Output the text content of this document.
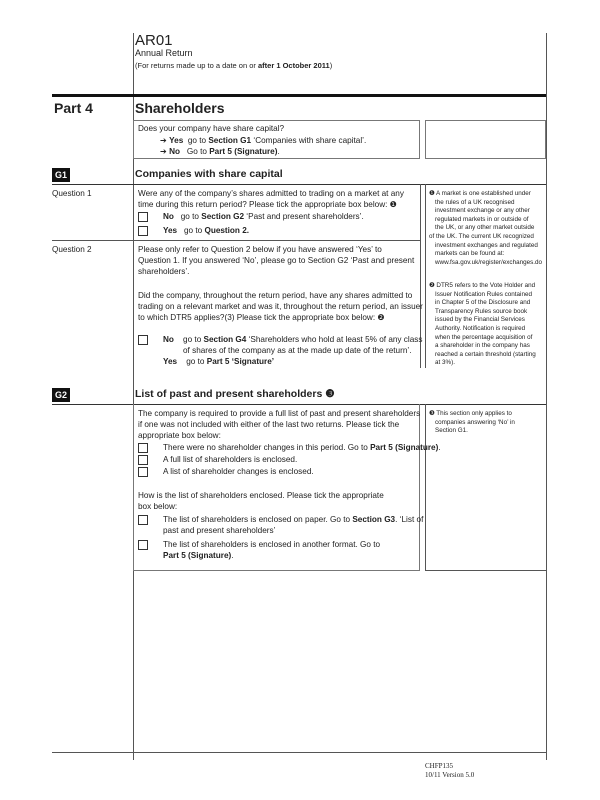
AR01
Annual Return
(For returns made up to a date on or after 1 October 2011)
Part 4	Shareholders
Does your company have share capital?
➔ Yes go to Section G1 ‘Companies with share capital’.
➔ No Go to Part 5 (Signature).
G1	Companies with share capital
Question 1	Were any of the company’s shares admitted to trading on a market at any
time during this return period? Please tick the appropriate box below: ❶
No go to Section G2 ‘Past and present shareholders’.
Yes go to Question 2.
Question 2	Please only refer to Question 2 below if you have answered ‘Yes’ to
Question 1. If you answered ‘No’, please go to Section G2 ‘Past and present
shareholders’.
Did the company, throughout the return period, have any shares admitted to
trading on a relevant market and was it, throughout the return period, an issuer
to which DTR5 applies?(3) Please tick the appropriate box below: ❷
No go to Section G4 ‘Shareholders who hold at least 5% of any class
of shares of the company as at the made up date of the return’.
Yes go to Part 5 ‘Signature’
❶ A market is one established under
the rules of a UK recognised
investment exchange or any other
regulated markets in or outside of
the UK, or any other market outside
of the UK. The current UK recognized
investment exchanges and regulated
markets can be found at:
www.fsa.gov.uk/register/exchanges.do
❷ DTR5 refers to the Vote Holder and
Issuer Notification Rules contained
in Chapter 5 of the Disclosure and
Transparency Rules source book
issued by the Financial Services
Authority. Notification is required
when the percentage acquisition of
a shareholder in the company has
reached a certain threshold (starting
at 3%).
G2	List of past and present shareholders ❸
The company is required to provide a full list of past and present shareholders
if one was not included with either of the last two returns. Please tick the
appropriate box below:
There were no shareholder changes in this period. Go to Part 5 (Signature).
A full list of shareholders is enclosed.
A list of shareholder changes is enclosed.
How is the list of shareholders enclosed. Please tick the appropriate
box below:
The list of shareholders is enclosed on paper. Go to Section G3. ‘List of
past and present shareholders’
The list of shareholders is enclosed in another format. Go to
Part 5 (Signature).
❸ This section only applies to
companies answering ‘No’ in
Section G1.
CHFP135
10/11 Version 5.0
